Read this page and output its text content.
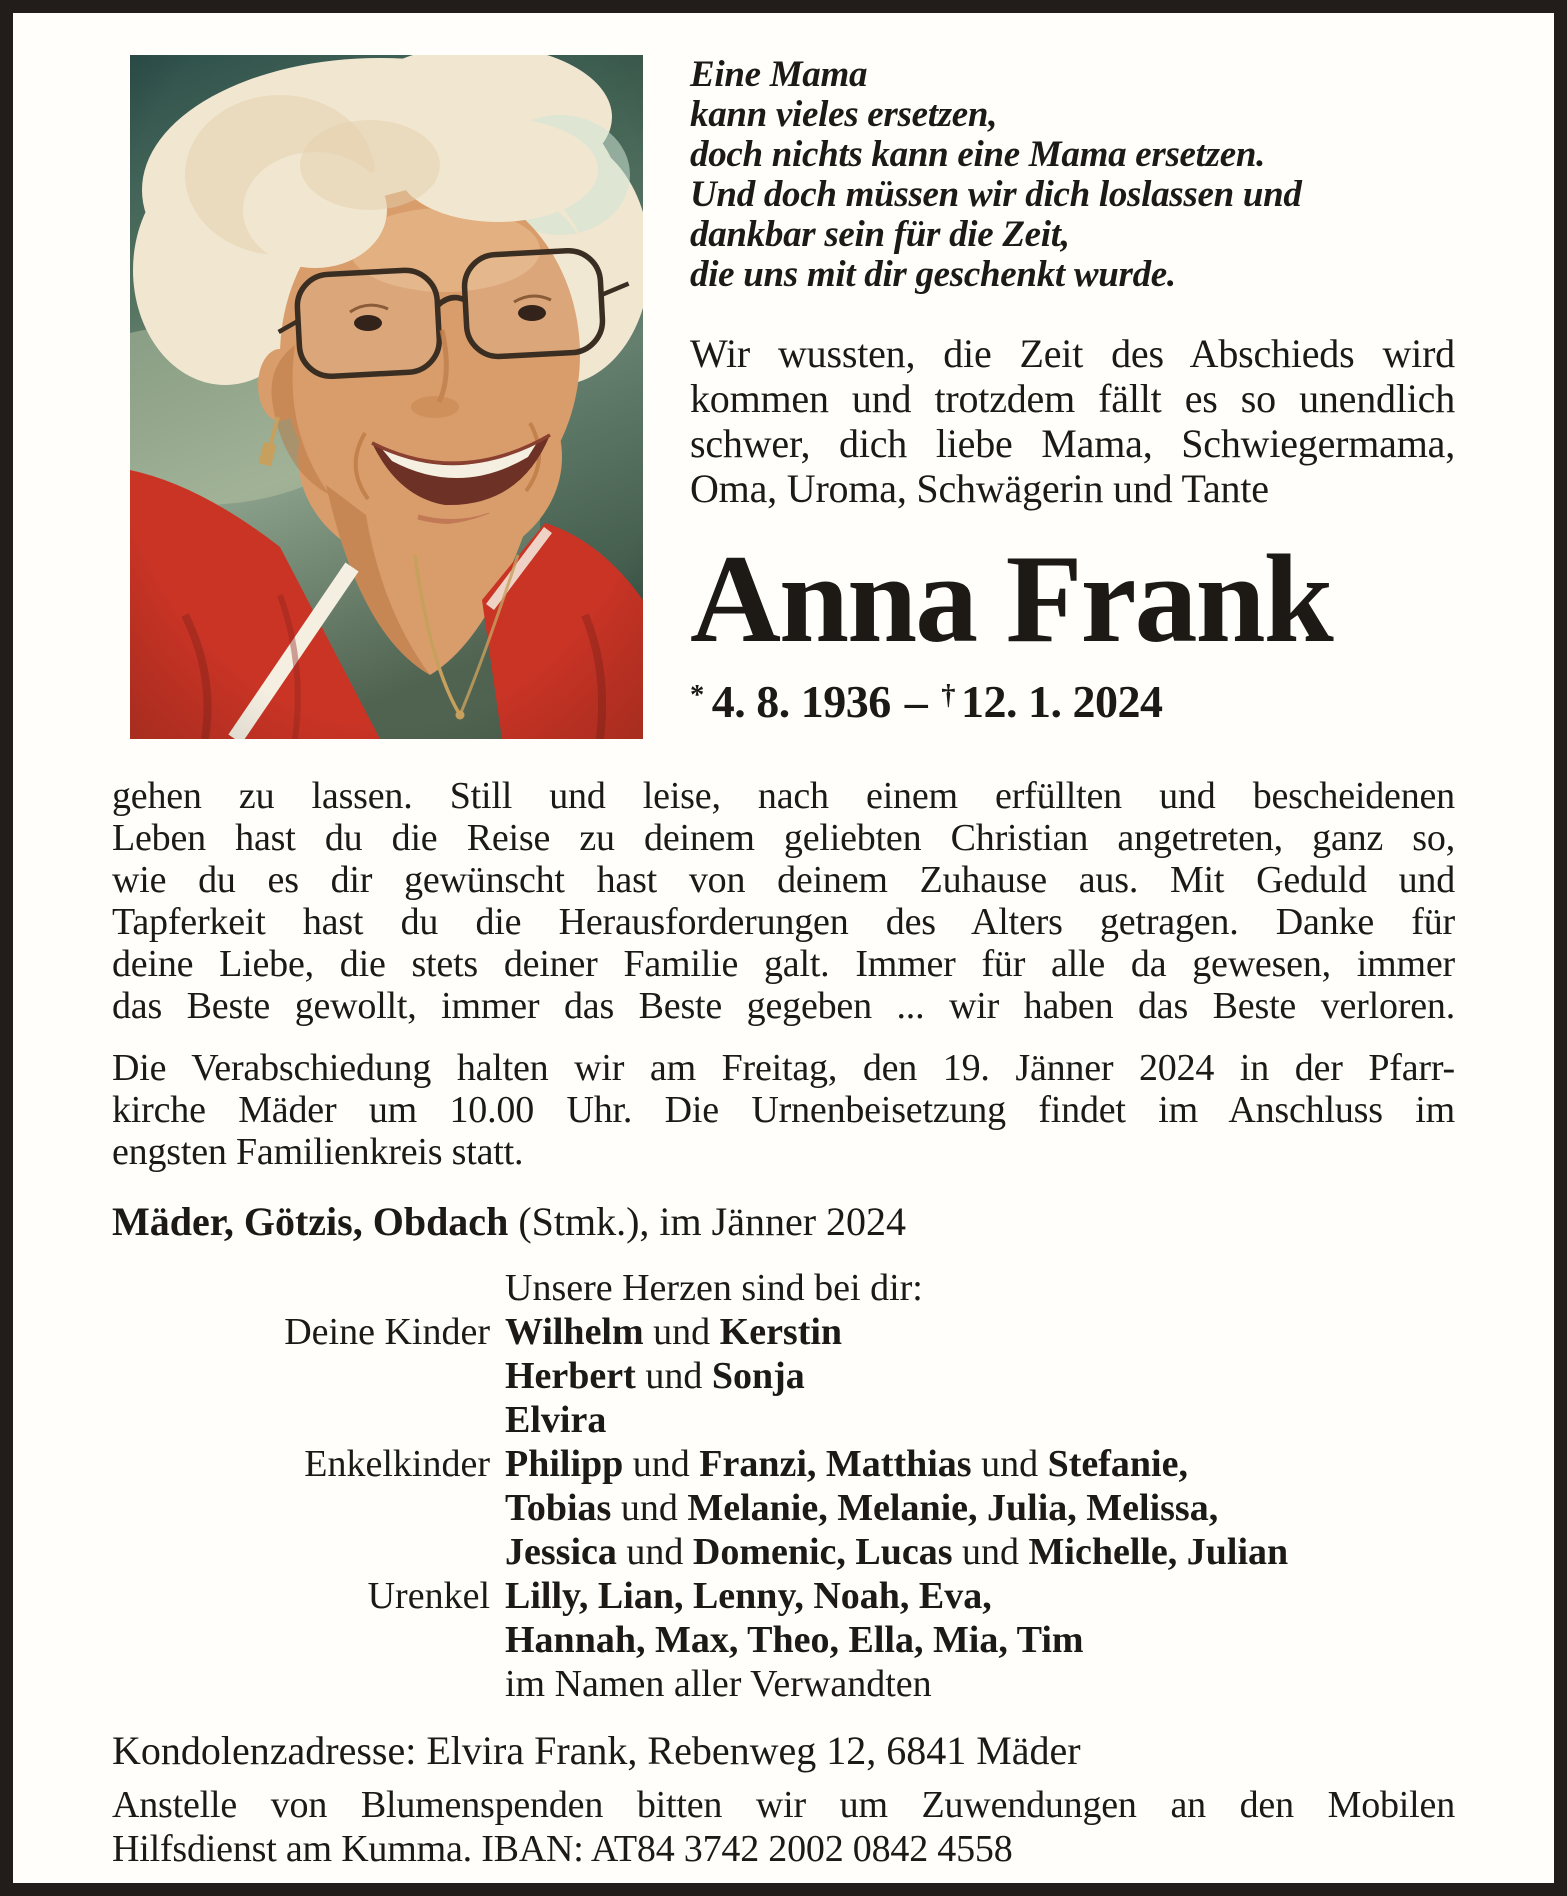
Eine Mama
kann vieles ersetzen,
doch nichts kann eine Mama ersetzen.
Und doch müssen wir dich loslassen und
dankbar sein für die Zeit,
die uns mit dir geschenkt wurde.
Wir wussten, die Zeit des Abschieds wird
kommen und trotzdem fällt es so unendlich
schwer, dich liebe Mama, Schwiegermama,
Oma, Uroma, Schwägerin und Tante
Anna Frank
* 4. 8. 1936 – † 12. 1. 2024
gehen zu lassen. Still und leise, nach einem erfüllten und bescheidenen
Leben hast du die Reise zu deinem geliebten Christian angetreten, ganz so,
wie du es dir gewünscht hast von deinem Zuhause aus. Mit Geduld und
Tapferkeit hast du die Herausforderungen des Alters getragen. Danke für
deine Liebe, die stets deiner Familie galt. Immer für alle da gewesen, immer
das Beste gewollt, immer das Beste gegeben ... wir haben das Beste verloren.
Die Verabschiedung halten wir am Freitag, den 19. Jänner 2024 in der Pfarr-
kirche Mäder um 10.00 Uhr. Die Urnenbeisetzung findet im Anschluss im
engsten Familienkreis statt.
Mäder, Götzis, Obdach (Stmk.), im Jänner 2024
Unsere Herzen sind bei dir:
Deine Kinder Wilhelm und Kerstin
Herbert und Sonja
Elvira
Enkelkinder Philipp und Franzi, Matthias und Stefanie,
Tobias und Melanie, Melanie, Julia, Melissa,
Jessica und Domenic, Lucas und Michelle, Julian
Urenkel Lilly, Lian, Lenny, Noah, Eva,
Hannah, Max, Theo, Ella, Mia, Tim
im Namen aller Verwandten
Kondolenzadresse: Elvira Frank, Rebenweg 12, 6841 Mäder
Anstelle von Blumenspenden bitten wir um Zuwendungen an den Mobilen
Hilfsdienst am Kumma. IBAN: AT84 3742 2002 0842 4558
